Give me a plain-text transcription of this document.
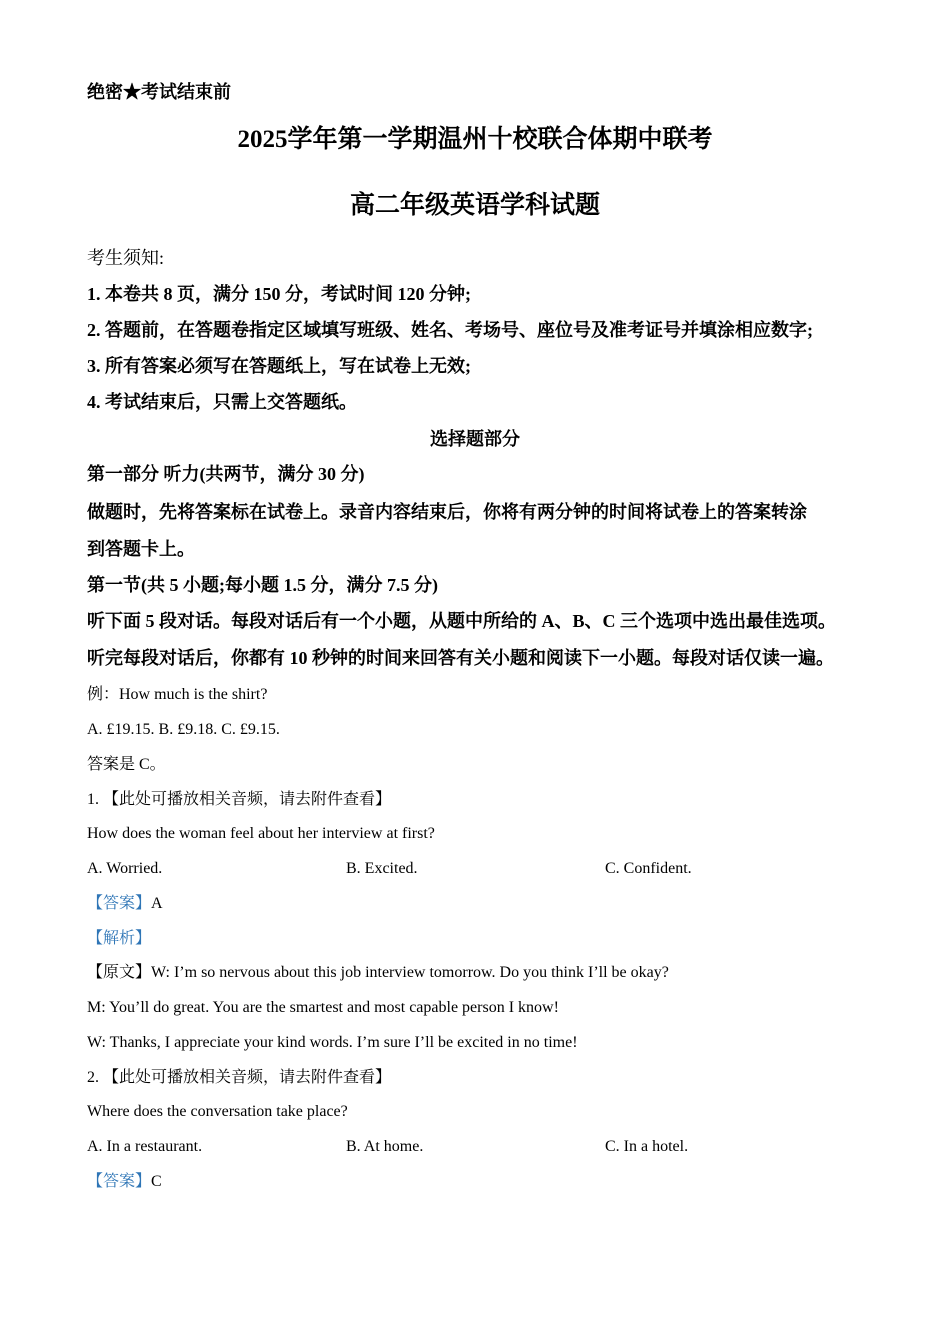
绝密★考试结束前
2025学年第一学期温州十校联合体期中联考
高二年级英语学科试题
考生须知:
1. 本卷共 8 页，满分 150 分，考试时间 120 分钟;
2. 答题前，在答题卷指定区域填写班级、姓名、考场号、座位号及准考证号并填涂相应数字;
3. 所有答案必须写在答题纸上，写在试卷上无效;
4. 考试结束后，只需上交答题纸。
选择题部分
第一部分 听力(共两节，满分 30 分)
做题时，先将答案标在试卷上。录音内容结束后，你将有两分钟的时间将试卷上的答案转涂
到答题卡上。
第一节(共 5 小题;每小题 1.5 分，满分 7.5 分)
听下面 5 段对话。每段对话后有一个小题，从题中所给的 A、B、C 三个选项中选出最佳选项。
听完每段对话后，你都有 10 秒钟的时间来回答有关小题和阅读下一小题。每段对话仅读一遍。
例：How much is the shirt?
A. £19.15. B. £9.18. C. £9.15.
答案是 C。
1. 【此处可播放相关音频，请去附件查看】
How does the woman feel about her interview at first?
A. Worried.	B. Excited.	C. Confident.
【答案】A
【解析】
【原文】W: I’m so nervous about this job interview tomorrow. Do you think I’ll be okay?
M: You’ll do great. You are the smartest and most capable person I know!
W: Thanks, I appreciate your kind words. I’m sure I’ll be excited in no time!
2. 【此处可播放相关音频，请去附件查看】
Where does the conversation take place?
A. In a restaurant.	B. At home.	C. In a hotel.
【答案】C
